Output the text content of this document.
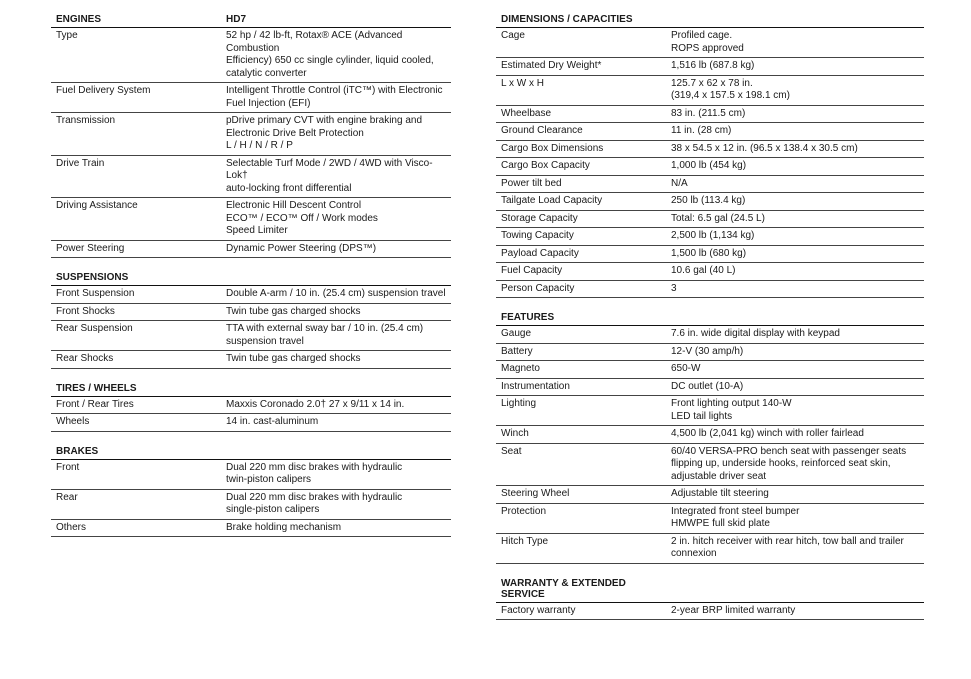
ENGINES	HD7
Type	52 hp / 42 lb-ft, Rotax® ACE (Advanced Combustion
Efficiency) 650 cc single cylinder, liquid cooled,
catalytic converter
Fuel Delivery System	Intelligent Throttle Control (iTC™) with Electronic
Fuel Injection (EFI)
Transmission	pDrive primary CVT with engine braking and
Electronic Drive Belt Protection
L / H / N / R / P
Drive Train	Selectable Turf Mode / 2WD / 4WD with Visco-Lok†
auto-locking front differential
Driving Assistance	Electronic Hill Descent Control
ECO™ / ECO™ Off / Work modes
Speed Limiter
Power Steering	Dynamic Power Steering (DPS™)
SUSPENSIONS
Front Suspension	Double A-arm / 10 in. (25.4 cm) suspension travel
Front Shocks	Twin tube gas charged shocks
Rear Suspension	TTA with external sway bar / 10 in. (25.4 cm)
suspension travel
Rear Shocks	Twin tube gas charged shocks
TIRES / WHEELS
Front / Rear Tires	Maxxis Coronado 2.0† 27 x 9/11 x 14 in.
Wheels	14 in. cast-aluminum
BRAKES
Front	Dual 220 mm disc brakes with hydraulic
twin-piston calipers
Rear	Dual 220 mm disc brakes with hydraulic
single-piston calipers
Others	Brake holding mechanism
DIMENSIONS / CAPACITIES
Cage	Profiled cage.
ROPS approved
Estimated Dry Weight*	1,516 lb (687.8 kg)
L x W x H	125.7 x 62 x 78 in.
(319,4 x 157.5 x 198.1 cm)
Wheelbase	83 in. (211.5 cm)
Ground Clearance	11 in. (28 cm)
Cargo Box Dimensions	38 x 54.5 x 12 in. (96.5 x 138.4 x 30.5 cm)
Cargo Box Capacity	1,000 lb (454 kg)
Power tilt bed	N/A
Tailgate Load Capacity	250 lb (113.4 kg)
Storage Capacity	Total: 6.5 gal (24.5 L)
Towing Capacity	2,500 lb (1,134 kg)
Payload Capacity	1,500 lb (680 kg)
Fuel Capacity	10.6 gal (40 L)
Person Capacity	3
FEATURES
Gauge	7.6 in. wide digital display with keypad
Battery	12-V (30 amp/h)
Magneto	650-W
Instrumentation	DC outlet (10-A)
Lighting	Front lighting output 140-W
LED tail lights
Winch	4,500 lb (2,041 kg) winch with roller fairlead
Seat	60/40 VERSA-PRO bench seat with passenger seats
flipping up, underside hooks, reinforced seat skin,
adjustable driver seat
Steering Wheel	Adjustable tilt steering
Protection	Integrated front steel bumper
HMWPE full skid plate
Hitch Type	2 in. hitch receiver with rear hitch, tow ball and trailer
connexion
WARRANTY & EXTENDED SERVICE
Factory warranty	2-year BRP limited warranty
